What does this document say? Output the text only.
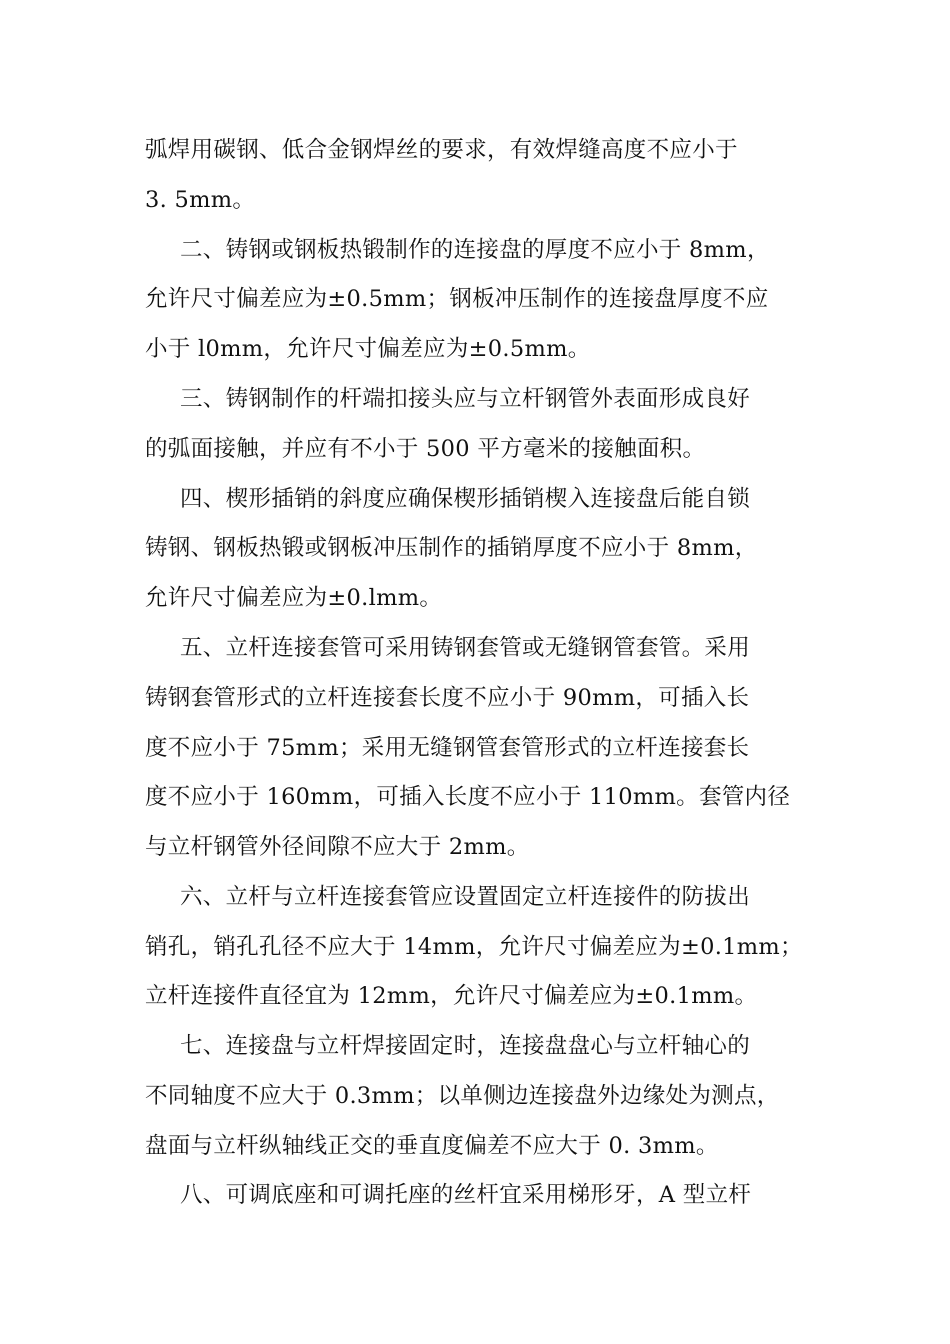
弧焊用碳钢、低合金钢焊丝的要求，有效焊缝高度不应小于
3. 5mm。
二、铸钢或钢板热锻制作的连接盘的厚度不应小于 8mm，
允许尺寸偏差应为±0.5mm；钢板冲压制作的连接盘厚度不应
小于 l0mm，允许尺寸偏差应为±0.5mm。
三、铸钢制作的杆端扣接头应与立杆钢管外表面形成良好
的弧面接触，并应有不小于 500 平方毫米的接触面积。
四、楔形插销的斜度应确保楔形插销楔入连接盘后能自锁
铸钢、钢板热锻或钢板冲压制作的插销厚度不应小于 8mm，
允许尺寸偏差应为±0.lmm。
五、立杆连接套管可采用铸钢套管或无缝钢管套管。采用
铸钢套管形式的立杆连接套长度不应小于 90mm，可插入长
度不应小于 75mm；采用无缝钢管套管形式的立杆连接套长
度不应小于 160mm，可插入长度不应小于 110mm。套管内径
与立杆钢管外径间隙不应大于 2mm。
六、立杆与立杆连接套管应设置固定立杆连接件的防拔出
销孔，销孔孔径不应大于 14mm，允许尺寸偏差应为±0.1mm；
立杆连接件直径宜为 12mm，允许尺寸偏差应为±0.1mm。
七、连接盘与立杆焊接固定时，连接盘盘心与立杆轴心的
不同轴度不应大于 0.3mm；以单侧边连接盘外边缘处为测点，
盘面与立杆纵轴线正交的垂直度偏差不应大于 0. 3mm。
八、可调底座和可调托座的丝杆宜采用梯形牙，A 型立杆
